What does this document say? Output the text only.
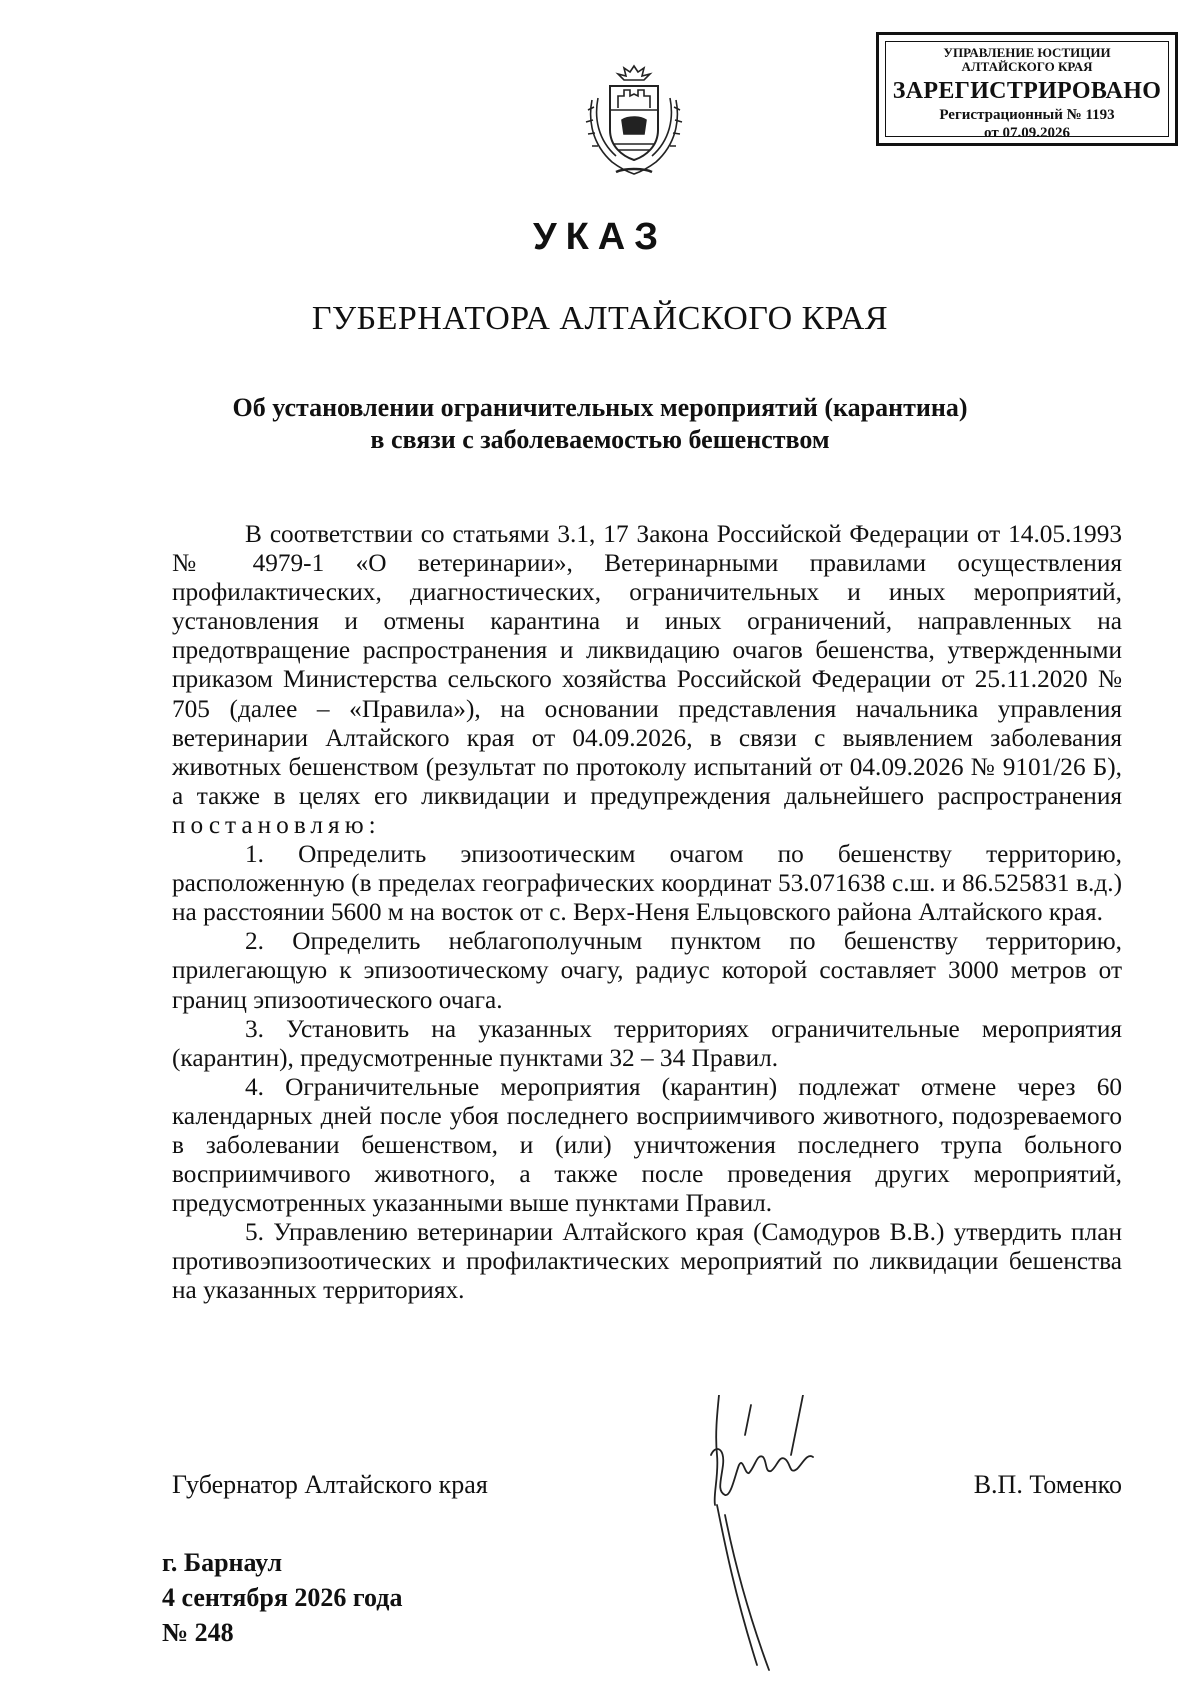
УПРАВЛЕНИЕ ЮСТИЦИИ
АЛТАЙСКОГО КРАЯ
ЗАРЕГИСТРИРОВАНО
Регистрационный № 1193
от 07.09.2026
УКАЗ
ГУБЕРНАТОРА АЛТАЙСКОГО КРАЯ
Об установлении ограничительных мероприятий (карантина)
в связи с заболеваемостью бешенством

В соответствии со статьями 3.1, 17 Закона Российской Федерации от 14.05.1993 № 4979-1 «О ветеринарии», Ветеринарными правилами осуществления профилактических, диагностических, ограничительных и иных мероприятий, установления и отмены карантина и иных ограничений, направленных на предотвращение распространения и ликвидацию очагов бешенства, утвержденными приказом Министерства сельского хозяйства Российской Федерации от 25.11.2020 № 705 (далее – «Правила»), на основании представления начальника управления ветеринарии Алтайского края от 04.09.2026, в связи с выявлением заболевания животных бешенством (результат по протоколу испытаний от 04.09.2026 № 9101/26 Б), а также в целях его ликвидации и предупреждения дальнейшего распространения постановляю:

1. Определить эпизоотическим очагом по бешенству территорию, расположенную (в пределах географических координат 53.071638 с.ш. и 86.525831 в.д.) на расстоянии 5600 м на восток от с. Верх-Неня Ельцовского района Алтайского края.

2. Определить неблагополучным пунктом по бешенству территорию, прилегающую к эпизоотическому очагу, радиус которой составляет 3000 метров от границ эпизоотического очага.

3. Установить на указанных территориях ограничительные мероприятия (карантин), предусмотренные пунктами 32 – 34 Правил.

4. Ограничительные мероприятия (карантин) подлежат отмене через 60 календарных дней после убоя последнего восприимчивого животного, подозреваемого в заболевании бешенством, и (или) уничтожения последнего трупа больного восприимчивого животного, а также после проведения других мероприятий, предусмотренных указанными выше пунктами Правил.

5. Управлению ветеринарии Алтайского края (Самодуров В.В.) утвердить план противоэпизоотических и профилактических мероприятий по ликвидации бешенства на указанных территориях.

Губернатор Алтайского края	В.П. Томенко
г. Барнаул
4 сентября 2026 года
№ 248
